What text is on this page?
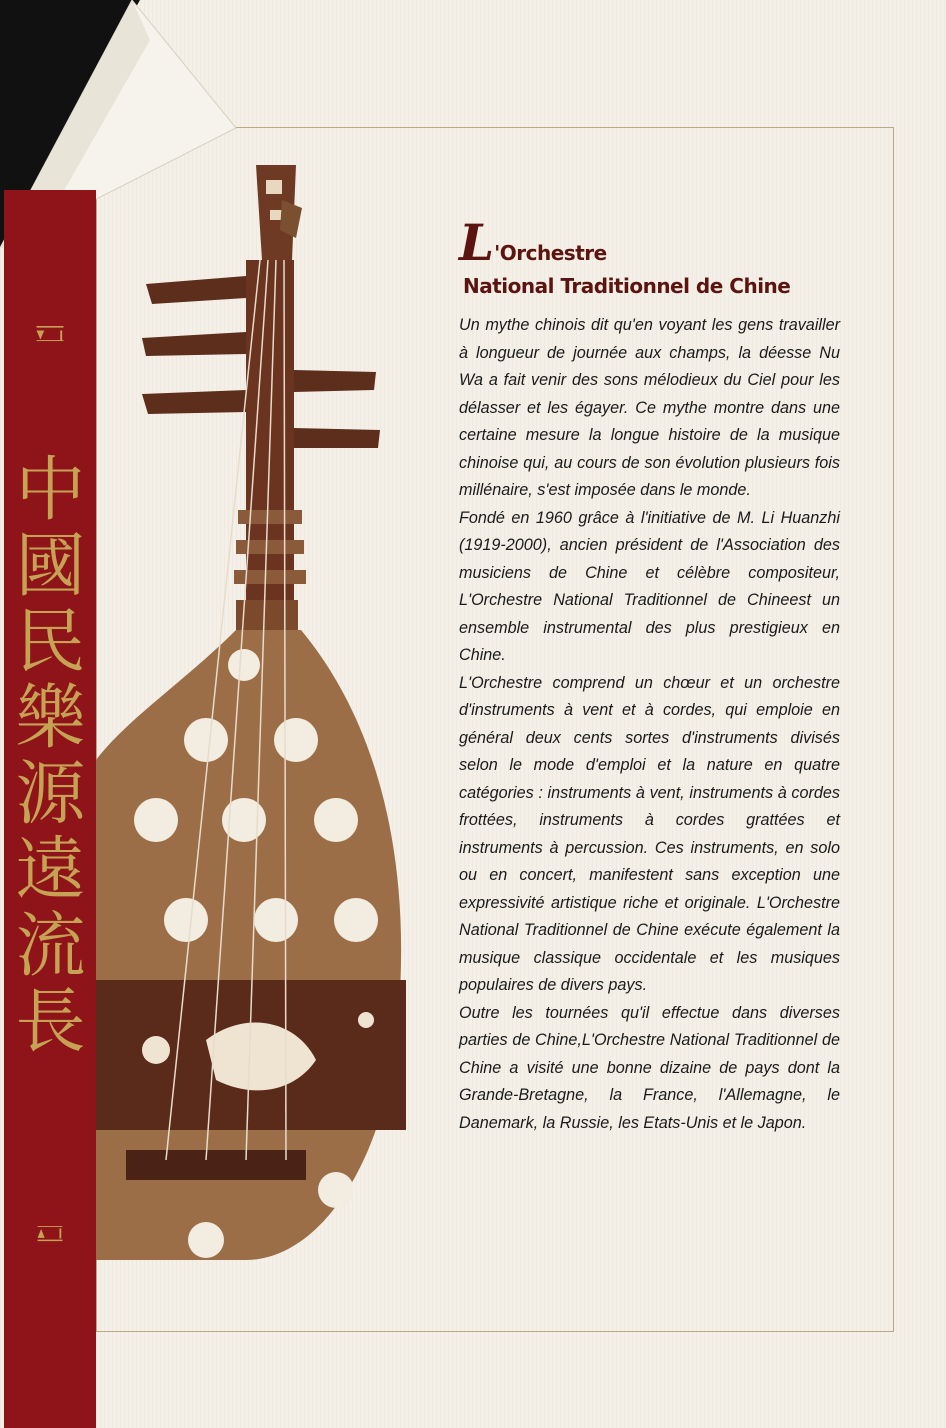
中國民樂源遠流長
L'Orchestre
National Traditionnel de Chine

Un mythe chinois dit qu'en voyant les gens travailler à longueur de journée aux champs, la déesse Nu Wa a fait venir des sons mélodieux du Ciel pour les délasser et les égayer. Ce mythe montre dans une certaine mesure la longue histoire de la musique chinoise qui, au cours de son évolution plusieurs fois millénaire, s'est imposée dans le monde.

Fondé en 1960 grâce à l'initiative de M. Li Huanzhi (1919-2000), ancien président de l'Association des musiciens de Chine et célèbre compositeur, L'Orchestre National Traditionnel de Chineest un ensemble instrumental des plus prestigieux en Chine.

L'Orchestre comprend un chœur et un orchestre d'instruments à vent et à cordes, qui emploie en général deux cents sortes d'instruments divisés selon le mode d'emploi et la nature en quatre catégories : instruments à vent, instruments à cordes frottées, instruments à cordes grattées et instruments à percussion. Ces instruments, en solo ou en concert, manifestent sans exception une expressivité artistique riche et originale. L'Orchestre National Traditionnel de Chine exécute également la musique classique occidentale et les musiques populaires de divers pays.

Outre les tournées qu'il effectue dans diverses parties de Chine,L'Orchestre National Traditionnel de Chine a visité une bonne dizaine de pays dont la Grande-Bretagne, la France, l'Allemagne, le Danemark, la Russie, les Etats-Unis et le Japon.
